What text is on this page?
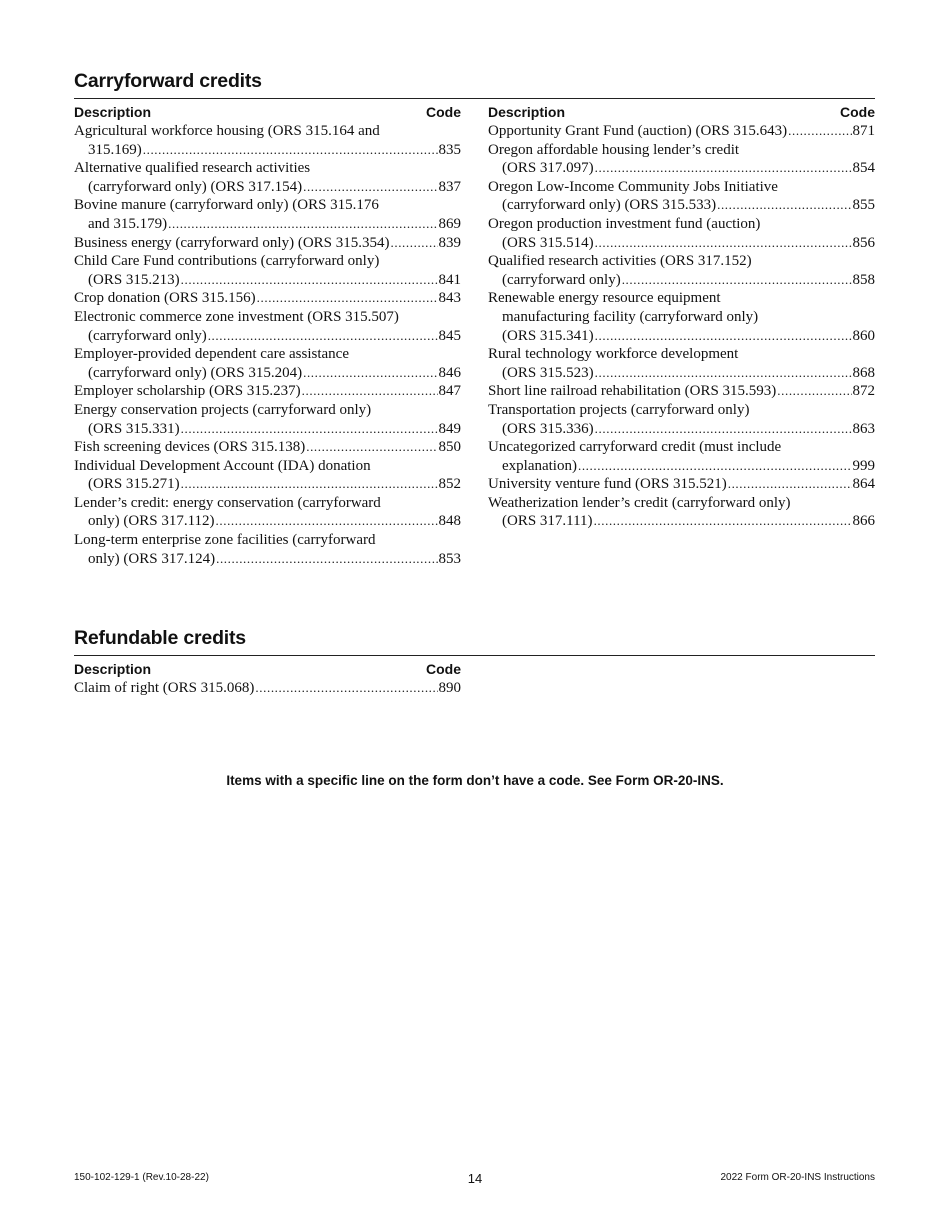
Carryforward credits
Description	Code
Agricultural workforce housing (ORS 315.164 and
315.169) .....	835
Alternative qualified research activities
(carryforward only) (ORS 317.154) .....	837
Bovine manure (carryforward only) (ORS 315.176
and 315.179) .....	869
Business energy (carryforward only) (ORS 315.354) .....	839
Child Care Fund contributions (carryforward only)
(ORS 315.213) .....	841
Crop donation (ORS 315.156) .....	843
Electronic commerce zone investment (ORS 315.507)
(carryforward only) .....	845
Employer-provided dependent care assistance
(carryforward only) (ORS 315.204) .....	846
Employer scholarship (ORS 315.237) .....	847
Energy conservation projects (carryforward only)
(ORS 315.331) .....	849
Fish screening devices (ORS 315.138) .....	850
Individual Development Account (IDA) donation
(ORS 315.271) .....	852
Lender’s credit: energy conservation (carryforward
only) (ORS 317.112) .....	848
Long-term enterprise zone facilities (carryforward
only) (ORS 317.124) .....	853
Description	Code
Opportunity Grant Fund (auction) (ORS 315.643) .....	871
Oregon affordable housing lender’s credit
(ORS 317.097) .....	854
Oregon Low-Income Community Jobs Initiative
(carryforward only) (ORS 315.533) .....	855
Oregon production investment fund (auction)
(ORS 315.514) .....	856
Qualified research activities (ORS 317.152)
(carryforward only) .....	858
Renewable energy resource equipment
manufacturing facility (carryforward only)
(ORS 315.341) .....	860
Rural technology workforce development
(ORS 315.523) .....	868
Short line railroad rehabilitation (ORS 315.593) .....	872
Transportation projects (carryforward only)
(ORS 315.336) .....	863
Uncategorized carryforward credit (must include
explanation) .....	999
University venture fund (ORS 315.521) .....	864
Weatherization lender’s credit (carryforward only)
(ORS 317.111) .....	866
Refundable credits
Description	Code
Claim of right (ORS 315.068) .....	890
Items with a specific line on the form don’t have a code. See Form OR-20-INS.
150-102-129-1 (Rev.10-28-22)	14	2022 Form OR-20-INS Instructions
